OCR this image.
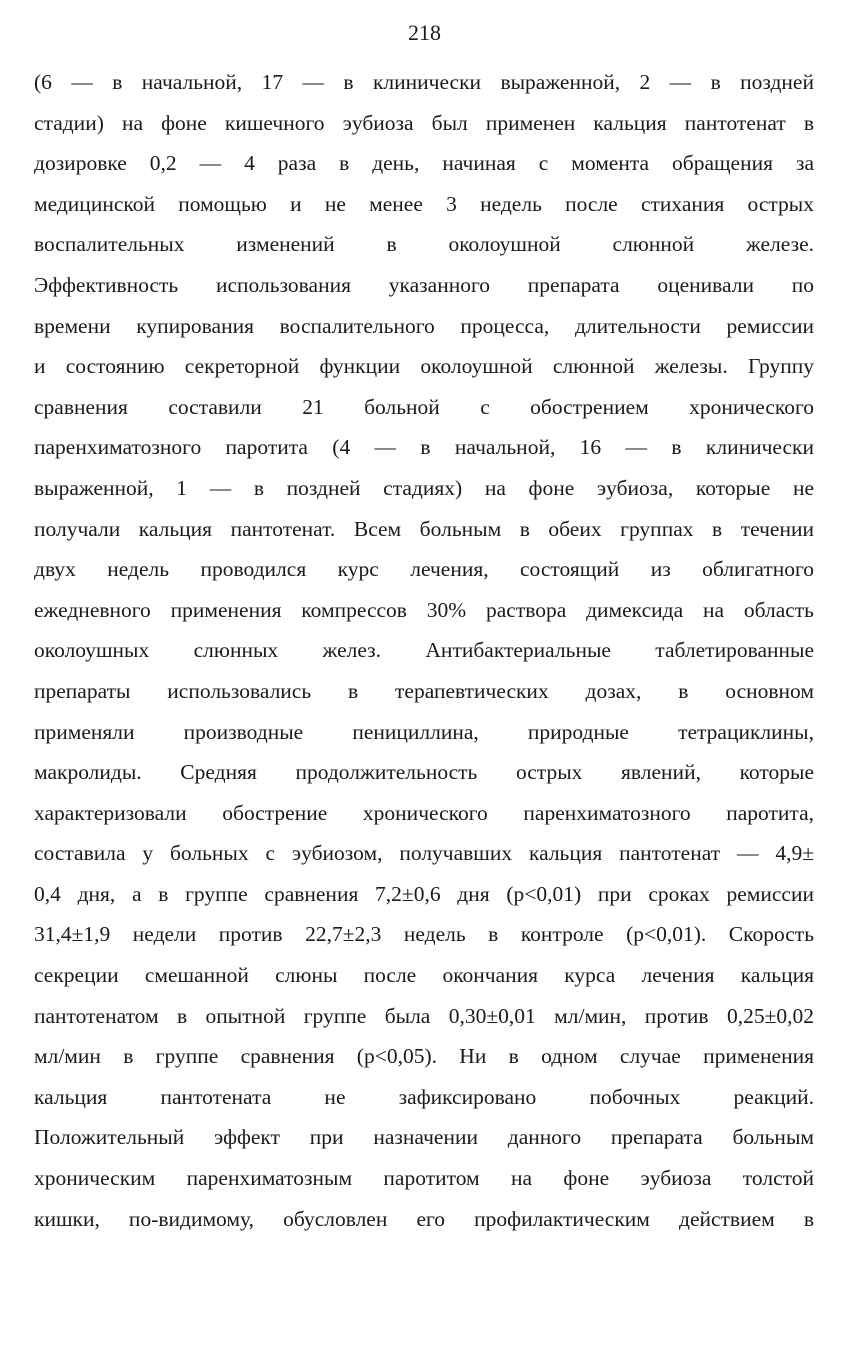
218
(6 — в начальной, 17 — в клинически выраженной, 2 — в поздней
стадии) на фоне кишечного эубиоза был применен кальция пантотенат в
дозировке 0,2 — 4 раза в день, начиная с момента обращения за
медицинской помощью и не менее 3 недель после стихания острых
воспалительных изменений в околоушной слюнной железе.
Эффективность использования указанного препарата оценивали по
времени купирования воспалительного процесса, длительности ремиссии
и состоянию секреторной функции околоушной слюнной железы. Группу
сравнения составили 21 больной с обострением хронического
паренхиматозного паротита (4 — в начальной, 16 — в клинически
выраженной, 1 — в поздней стадиях) на фоне эубиоза, которые не
получали кальция пантотенат. Всем больным в обеих группах в течении
двух недель проводился курс лечения, состоящий из облигатного
ежедневного применения компрессов 30% раствора димексида на область
околоушных слюнных желез. Антибактериальные таблетированные
препараты использовались в терапевтических дозах, в основном
применяли производные пенициллина, природные тетрациклины,
макролиды. Средняя продолжительность острых явлений, которые
характеризовали обострение хронического паренхиматозного паротита,
составила у больных с эубиозом, получавших кальция пантотенат — 4,9±
0,4 дня, а в группе сравнения 7,2±0,6 дня (р<0,01) при сроках ремиссии
31,4±1,9 недели против 22,7±2,3 недель в контроле (р<0,01). Скорость
секреции смешанной слюны после окончания курса лечения кальция
пантотенатом в опытной группе была 0,30±0,01 мл/мин, против 0,25±0,02
мл/мин в группе сравнения (р<0,05). Ни в одном случае применения
кальция пантотената не зафиксировано побочных реакций.
Положительный эффект при назначении данного препарата больным
хроническим паренхиматозным паротитом на фоне эубиоза толстой
кишки, по-видимому, обусловлен его профилактическим действием в
